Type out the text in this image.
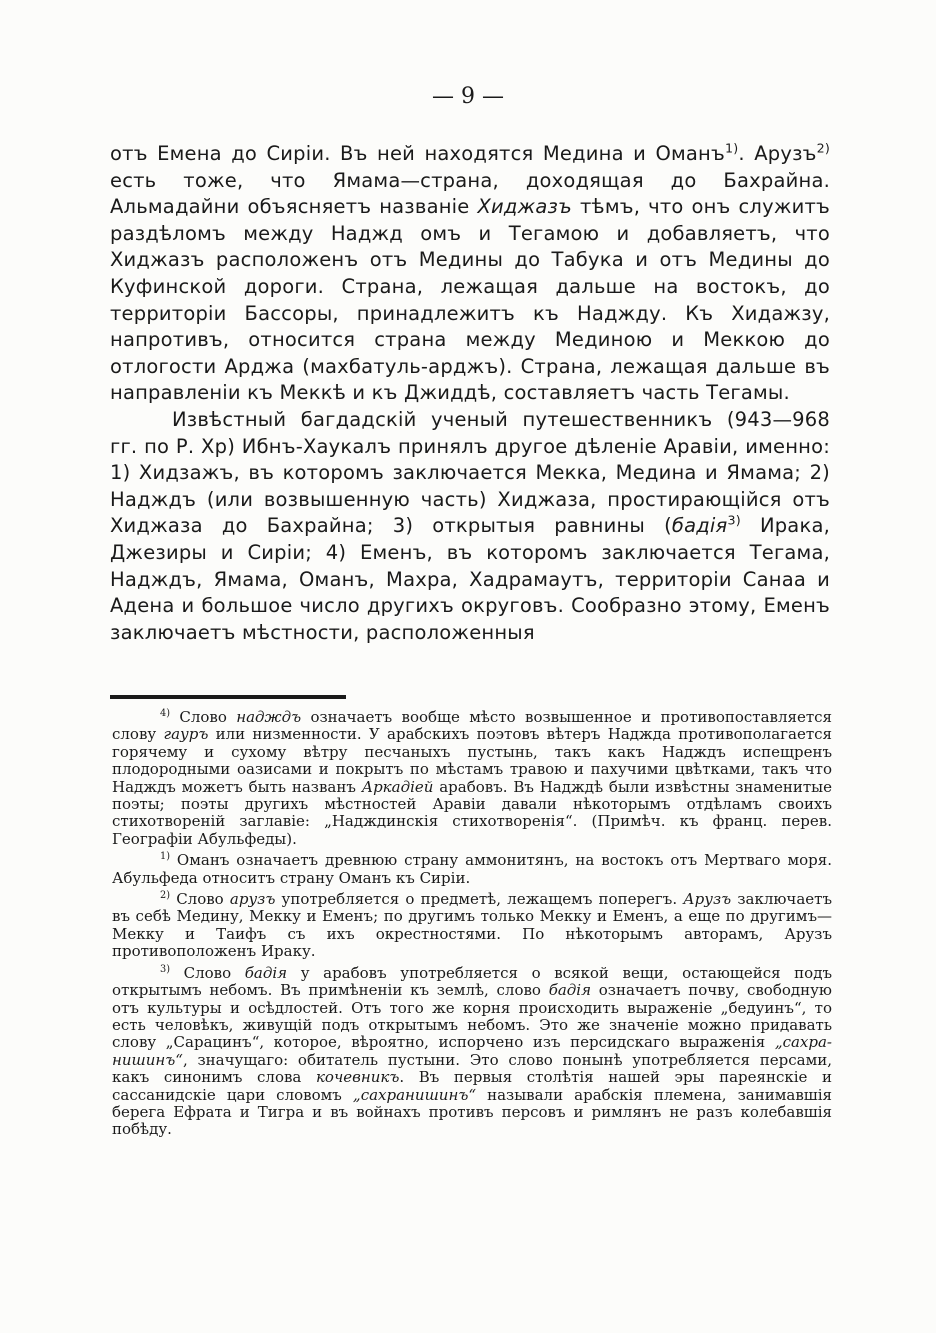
— 9 —

отъ Емена до Сиріи. Въ ней находятся Медина и Оманъ$^{1)}$. Арузъ$^{2)}$ есть тоже, что Ямама—страна, доходящая до Бахрайна. Альмадайни объясняетъ названіе Хиджазъ тѣмъ, что онъ служитъ раздѣломъ между Наджд омъ и Тегамою и добавляетъ, что Хиджазъ расположенъ отъ Медины до Табука и отъ Медины до Куфинской дороги. Страна, лежащая дальше на востокъ, до территоріи Бассоры, принадлежитъ къ Наджду. Къ Хидажзу, напротивъ, относится страна между Мединою и Меккою до отлогости Арджа (махбатуль-арджъ). Страна, лежащая дальше въ направленіи къ Меккѣ и къ Джиддѣ, составляетъ часть Тегамы.

Извѣстный багдадскій ученый путешественникъ (943—968 гг. по Р. Хр) Ибнъ-Хаукалъ принялъ другое дѣленіе Аравіи, именно: 1) Хидзажъ, въ которомъ заключается Мекка, Медина и Ямама; 2) Надждъ (или возвышенную часть) Хиджаза, простирающійся отъ Хиджаза до Бахрайна; 3) открытыя равнины (бадія$^{3)}$ Ирака, Джезиры и Сиріи; 4) Еменъ, въ которомъ заключается Тегама, Надждъ, Ямама, Оманъ, Махра, Хадрамаутъ, территоріи Санаа и Адена и большое число другихъ округовъ. Сообразно этому, Еменъ заключаетъ мѣстности, расположенныя

$^{4)}$ Слово надждъ означаетъ вообще мѣсто возвышенное и противопоставляется слову гауръ или низменности. У арабскихъ поэтовъ вѣтеръ Наджда противополагается горячему и сухому вѣтру песчаныхъ пустынь, такъ какъ Надждъ испещренъ плодородными оазисами и покрытъ по мѣстамъ травою и пахучими цвѣтками, такъ что Надждъ можетъ быть названъ Аркадіей арабовъ. Въ Надждѣ были извѣстны знаменитые поэты; поэты другихъ мѣстностей Аравіи давали нѣкоторымъ отдѣламъ своихъ стихотвореній заглавіе: „Надждинскія стихотворенія“. (Примѣч. къ франц. перев. Географіи Абульфеды).

$^{1)}$ Оманъ означаетъ древнюю страну аммонитянъ, на востокъ отъ Мертваго моря. Абульфеда относитъ страну Оманъ къ Сиріи.

$^{2)}$ Слово арузъ употребляется о предметѣ, лежащемъ поперегъ. Арузъ заключаетъ въ себѣ Медину, Мекку и Еменъ; по другимъ только Мекку и Еменъ, а еще по другимъ—Мекку и Таифъ съ ихъ окрестностями. По нѣкоторымъ авторамъ, Арузъ противоположенъ Ираку.

$^{3)}$ Слово бадія у арабовъ употребляется о всякой вещи, остающейся подъ открытымъ небомъ. Въ примѣненіи къ землѣ, слово бадія означаетъ почву, свободную отъ культуры и осѣдлостей. Отъ того же корня происходить выраженіе „бедуинъ“, то есть человѣкъ, живущій подъ открытымъ небомъ. Это же значеніе можно придавать слову „Сарацинъ“, которое, вѣроятно, испорчено изъ персидскаго выраженія „сахра-нишинъ“, значущаго: обитатель пустыни. Это слово понынѣ употребляется персами, какъ синонимъ слова кочевникъ. Въ первыя столѣтія нашей эры пареянскіе и сассанидскіе цари словомъ „сахранишинъ“ называли арабскія племена, занимавшія берега Ефрата и Тигра и въ войнахъ противъ персовъ и римлянъ не разъ колебавшія побѣду.
